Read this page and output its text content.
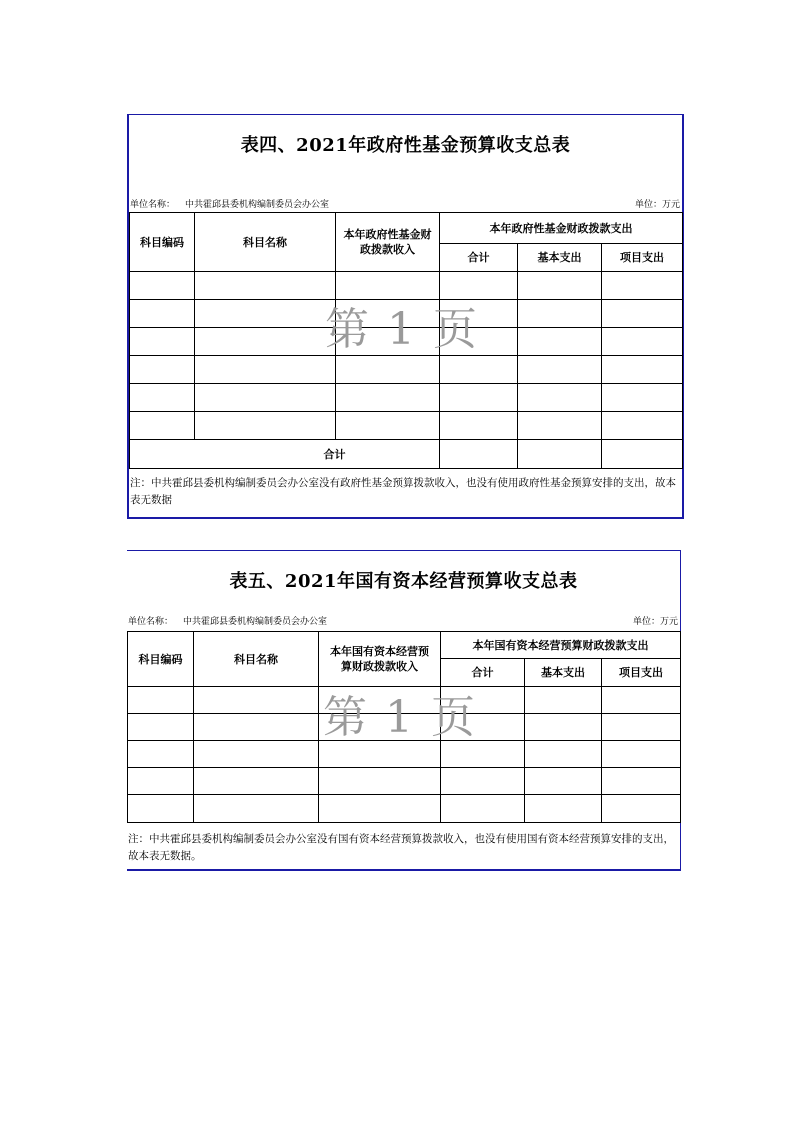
表四、2021年政府性基金预算收支总表
单位名称： 中共霍邱县委机构编制委员会办公室	单位：万元
科目编码	科目名称	本年政府性基金财
政拨款收入	本年政府性基金财政拨款支出		
			合计	基本支出	项目支出

合计					
注：中共霍邱县委机构编制委员会办公室没有政府性基金预算拨款收入，也没有使用政府性基金预算安排的支出，故本表无数据
第 1 页
表五、2021年国有资本经营预算收支总表
单位名称： 中共霍邱县委机构编制委员会办公室	单位：万元
科目编码	科目名称	本年国有资本经营预
算财政拨款收入	本年国有资本经营预算财政拨款支出		
			合计	基本支出	项目支出

注：中共霍邱县委机构编制委员会办公室没有国有资本经营预算拨款收入，也没有使用国有资本经营预算安排的支出，故本表无数据。
第 1 页
